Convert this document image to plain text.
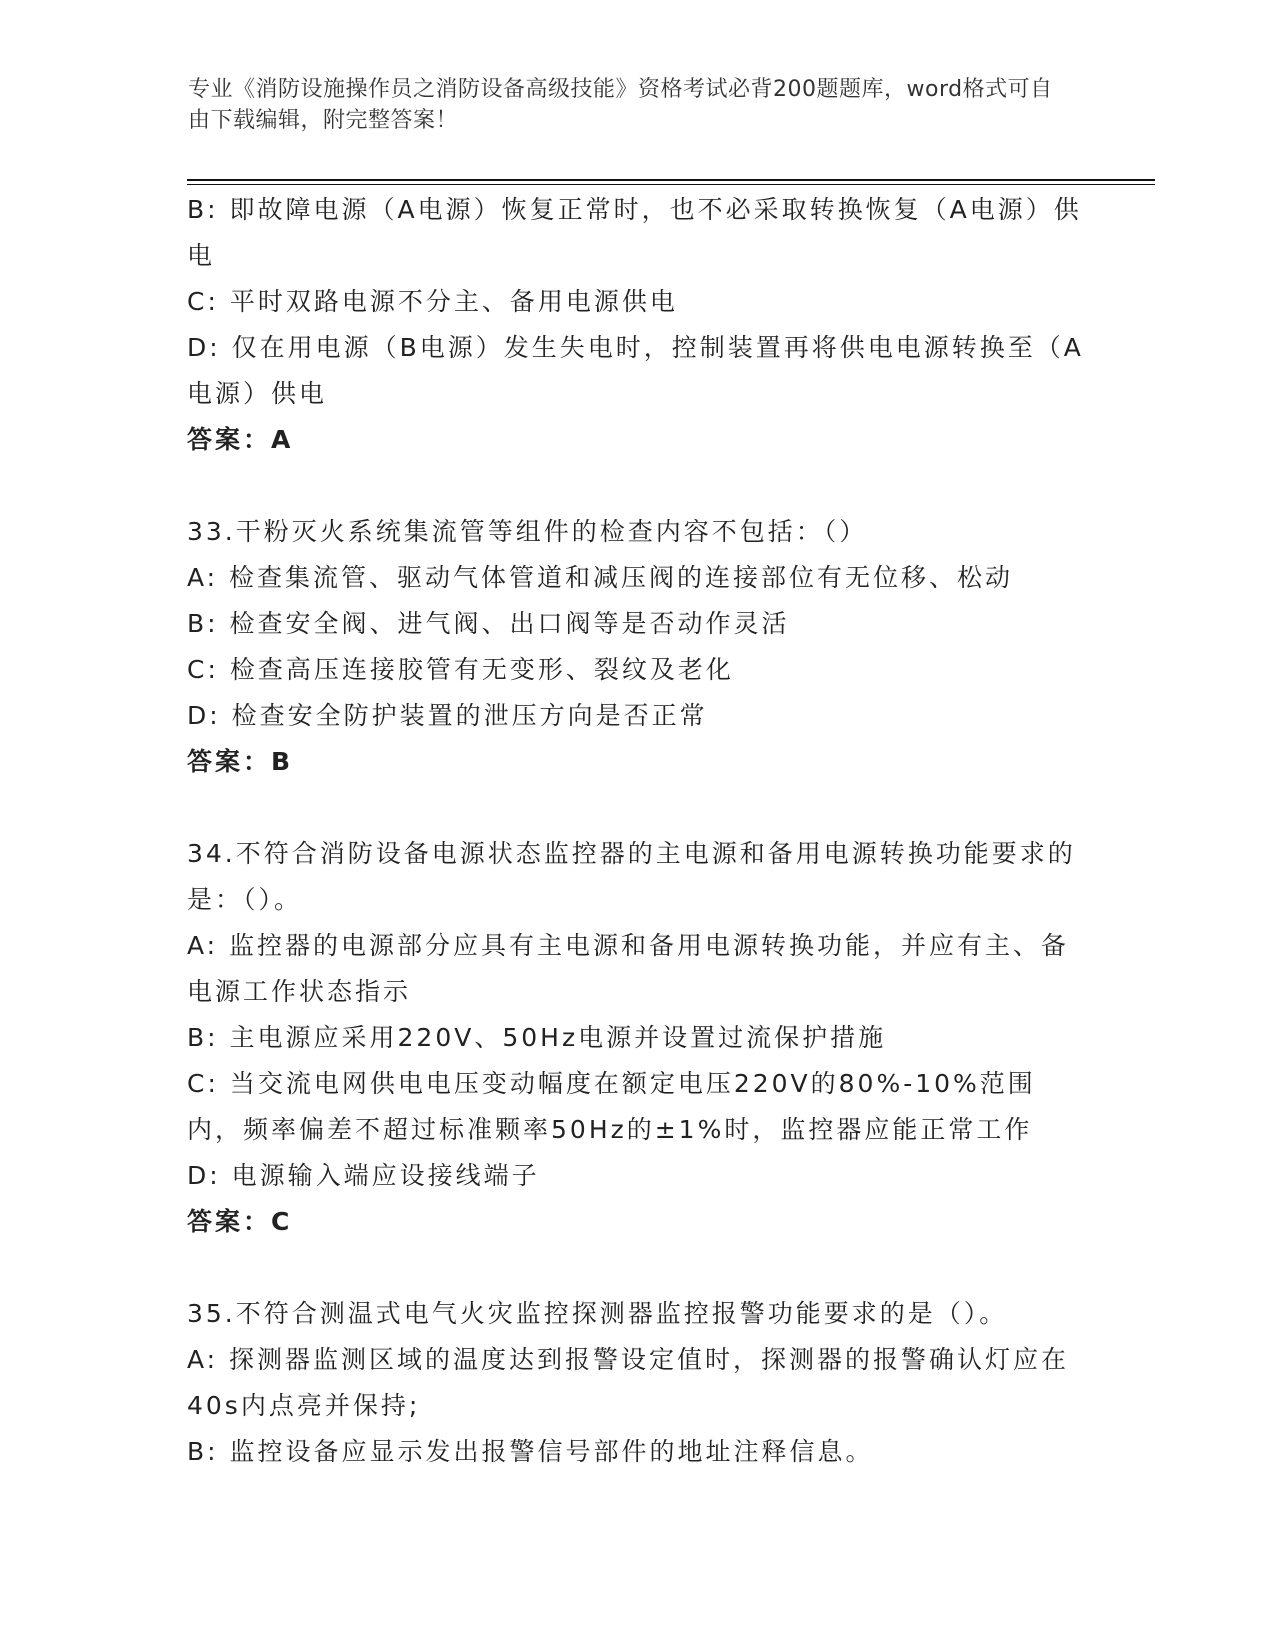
专业《消防设施操作员之消防设备高级技能》资格考试必背200题题库，word格式可自由下载编辑，附完整答案！

B: 即故障电源（A电源）恢复正常时，也不必采取转换恢复（A电源）供电

C: 平时双路电源不分主、备用电源供电

D: 仅在用电源（B电源）发生失电时，控制装置再将供电电源转换至（A电源）供电

答案：A

33.干粉灭火系统集流管等组件的检查内容不包括：（）

A: 检查集流管、驱动气体管道和减压阀的连接部位有无位移、松动

B: 检查安全阀、进气阀、出口阀等是否动作灵活

C: 检查高压连接胶管有无变形、裂纹及老化

D: 检查安全防护装置的泄压方向是否正常

答案：B

34.不符合消防设备电源状态监控器的主电源和备用电源转换功能要求的是：（）。

A: 监控器的电源部分应具有主电源和备用电源转换功能，并应有主、备电源工作状态指示

B: 主电源应采用220V、50Hz电源并设置过流保护措施

C: 当交流电网供电电压变动幅度在额定电压220V的80%-10%范围内，频率偏差不超过标准颗率50Hz的±1%时，监控器应能正常工作

D: 电源输入端应设接线端子

答案：C

35.不符合测温式电气火灾监控探测器监控报警功能要求的是（）。

A: 探测器监测区域的温度达到报警设定值时，探测器的报警确认灯应在40s内点亮并保持;

B: 监控设备应显示发出报警信号部件的地址注释信息。
